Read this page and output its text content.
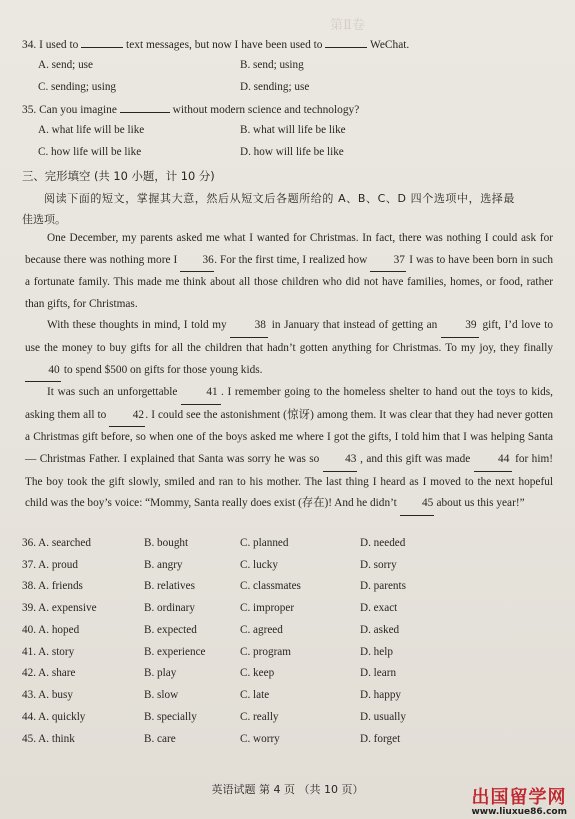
第Ⅱ卷
34. I used to	text messages, but now I have been used to	WeChat.
A. send; use	B. send; using
C. sending; using	D. sending; use
35. Can you imagine	without modern science and technology?
A. what life will be like	B. what will life be like
C. how life will be like	D. how will life be like
三、完形填空 (共 10 小题，计 10 分)
阅读下面的短文，掌握其大意，然后从短文后各题所给的 A、B、C、D 四个选项中，选择最
佳选项。

One December, my parents asked me what I wanted for Christmas. In fact, there was nothing I could ask for because there was nothing more I 36. For the first time, I realized how 37 I was to have been born in such a fortunate family. This made me think about all those children who did not have families, homes, or food, rather than gifts, for Christmas.

With these thoughts in mind, I told my 38 in January that instead of getting an 39 gift, I’d love to use the money to buy gifts for all the children that hadn’t gotten anything for Christmas. To my joy, they finally 40 to spend $500 on gifts for those young kids.

It was such an unforgettable	41 . I remember going to the homeless shelter to hand out the toys to kids, asking them all to 42. I could see the astonishment (惊讶) among them. It was clear that they had never gotten a Christmas gift before, so when one of the boys asked me where I got the gifts, I told him that I was helping Santa — Christmas Father. I explained that Santa was sorry he was so 43 , and this gift was made 44 for him! The boy took the gift slowly, smiled and ran to his mother. The last thing I heard as I moved to the next hopeful child was the boy’s voice: “Mommy, Santa really does exist (存在)! And he didn’t 45 about us this year!”

36. A. searched	B. bought	C. planned	D. needed
37. A. proud	B. angry	C. lucky	D. sorry
38. A. friends	B. relatives	C. classmates	D. parents
39. A. expensive	B. ordinary	C. improper	D. exact
40. A. hoped	B. expected	C. agreed	D. asked
41. A. story	B. experience	C. program	D. help
42. A. share	B. play	C. keep	D. learn
43. A. busy	B. slow	C. late	D. happy
44. A. quickly	B. specially	C. really	D. usually
45. A. think	B. care	C. worry	D. forget
英语试题 第 4 页 （共 10 页）	出国留学网
www.liuxue86.com
